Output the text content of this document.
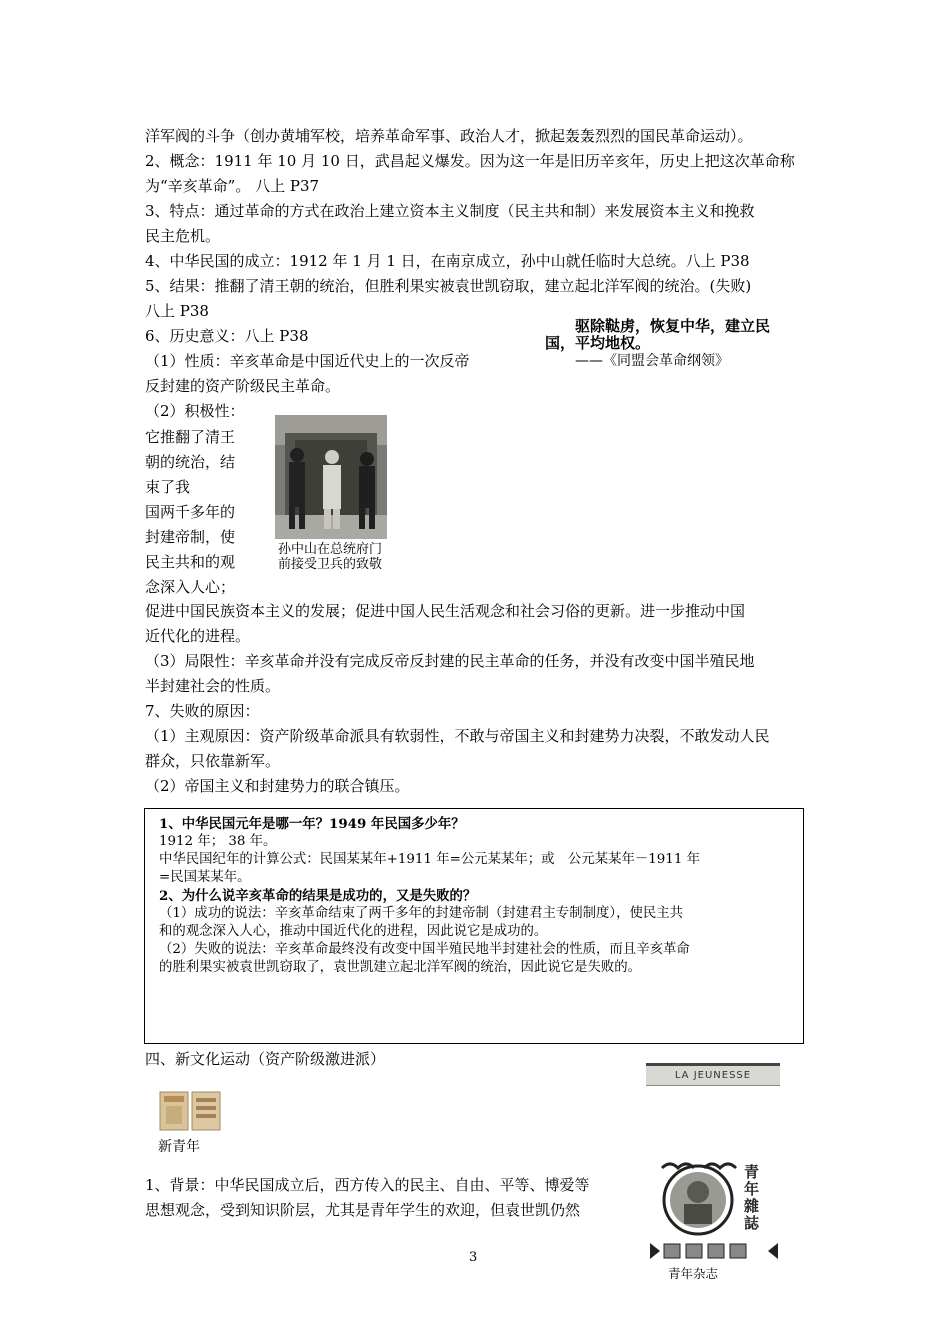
洋军阀的斗争（创办黄埔军校，培养革命军事、政治人才，掀起轰轰烈烈的国民革命运动）。
2、概念：1911 年 10 月 10 日，武昌起义爆发。因为这一年是旧历辛亥年，历史上把这次革命称
为“辛亥革命”。 八上 P37
3、特点：通过革命的方式在政治上建立资本主义制度（民主共和制）来发展资本主义和挽救
民主危机。
4、中华民国的成立：1912 年 1 月 1 日，在南京成立，孙中山就任临时大总统。八上 P38
5、结果：推翻了清王朝的统治，但胜利果实被袁世凯窃取，建立起北洋军阀的统治。(失败)
八上 P38
6、历史意义：八上 P38
（1）性质：辛亥革命是中国近代史上的一次反帝
反封建的资产阶级民主革命。
（2）积极性：
驱除鞑虏，恢复中华，建立民
国，平均地权。
——《同盟会革命纲领》
它推翻了清王
朝的统治，结
束了我
国两千多年的
封建帝制，使
民主共和的观
念深入人心；
孙中山在总统府门
前接受卫兵的致敬
促进中国民族资本主义的发展；促进中国人民生活观念和社会习俗的更新。进一步推动中国
近代化的进程。
（3）局限性：辛亥革命并没有完成反帝反封建的民主革命的任务，并没有改变中国半殖民地
半封建社会的性质。
7、失败的原因：
（1）主观原因：资产阶级革命派具有软弱性，不敢与帝国主义和封建势力决裂，不敢发动人民
群众，只依靠新军。
（2）帝国主义和封建势力的联合镇压。
1、中华民国元年是哪一年？1949 年民国多少年？
1912 年； 38 年。
中华民国纪年的计算公式：民国某某年+1911 年=公元某某年；或　公元某某年－1911 年
=民国某某年。
2、为什么说辛亥革命的结果是成功的，又是失败的？
（1）成功的说法：辛亥革命结束了两千多年的封建帝制（封建君主专制制度），使民主共
和的观念深入人心，推动中国近代化的进程，因此说它是成功的。
（2）失败的说法：辛亥革命最终没有改变中国半殖民地半封建社会的性质，而且辛亥革命
的胜利果实被袁世凯窃取了，袁世凯建立起北洋军阀的统治，因此说它是失败的。
四、新文化运动（资产阶级激进派）
LA JEUNESSE
新青年
青年雜誌
青年杂志
1、背景：中华民国成立后，西方传入的民主、自由、平等、博爱等
思想观念，受到知识阶层，尤其是青年学生的欢迎，但袁世凯仍然
3
